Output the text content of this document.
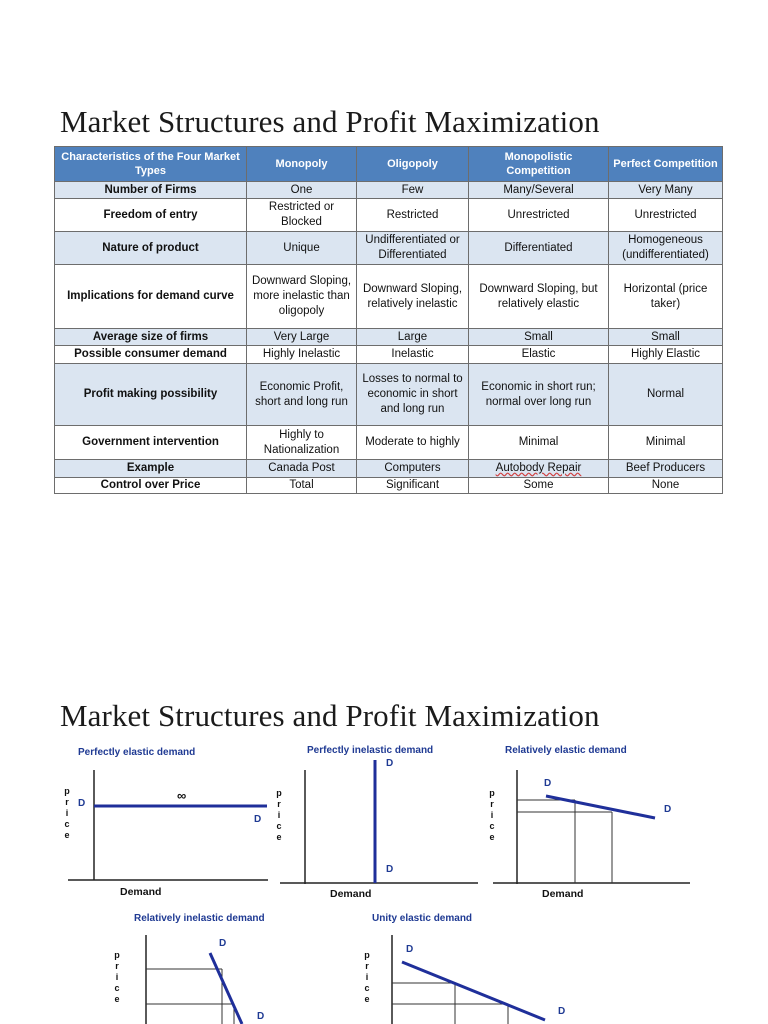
Market Structures and Profit Maximization
Characteristics of the Four Market Types	Monopoly	Oligopoly	Monopolistic Competition	Perfect Competition
Number of Firms	One	Few	Many/Several	Very Many
Freedom of entry	Restricted or Blocked	Restricted	Unrestricted	Unrestricted
Nature of product	Unique	Undifferentiated or Differentiated	Differentiated	Homogeneous (undifferentiated)
Implications for demand curve	Downward Sloping, more inelastic than oligopoly	Downward Sloping, relatively inelastic	Downward Sloping, but relatively elastic	Horizontal (price taker)
Average size of firms	Very Large	Large	Small	Small
Possible consumer demand	Highly Inelastic	Inelastic	Elastic	Highly Elastic
Profit making possibility	Economic Profit, short and long run	Losses to normal to economic in short and long run	Economic in short run; normal over long run	Normal
Government intervention	Highly to Nationalization	Moderate to highly	Minimal	Minimal
Example	Canada Post	Computers	Autobody Repair	Beef Producers
Control over Price	Total	Significant	Some	None
Market Structures and Profit Maximization
Perfectly elastic demand
p
r
i
c
e
D
D
∞
Demand
Perfectly inelastic demand
p
r
i
c
e
D
D
Demand
Relatively elastic demand
p
r
i
c
e
D
D
Demand
Relatively inelastic demand
p
r
i
c
e
D
D
Unity elastic demand
p
r
i
c
e
D
D
